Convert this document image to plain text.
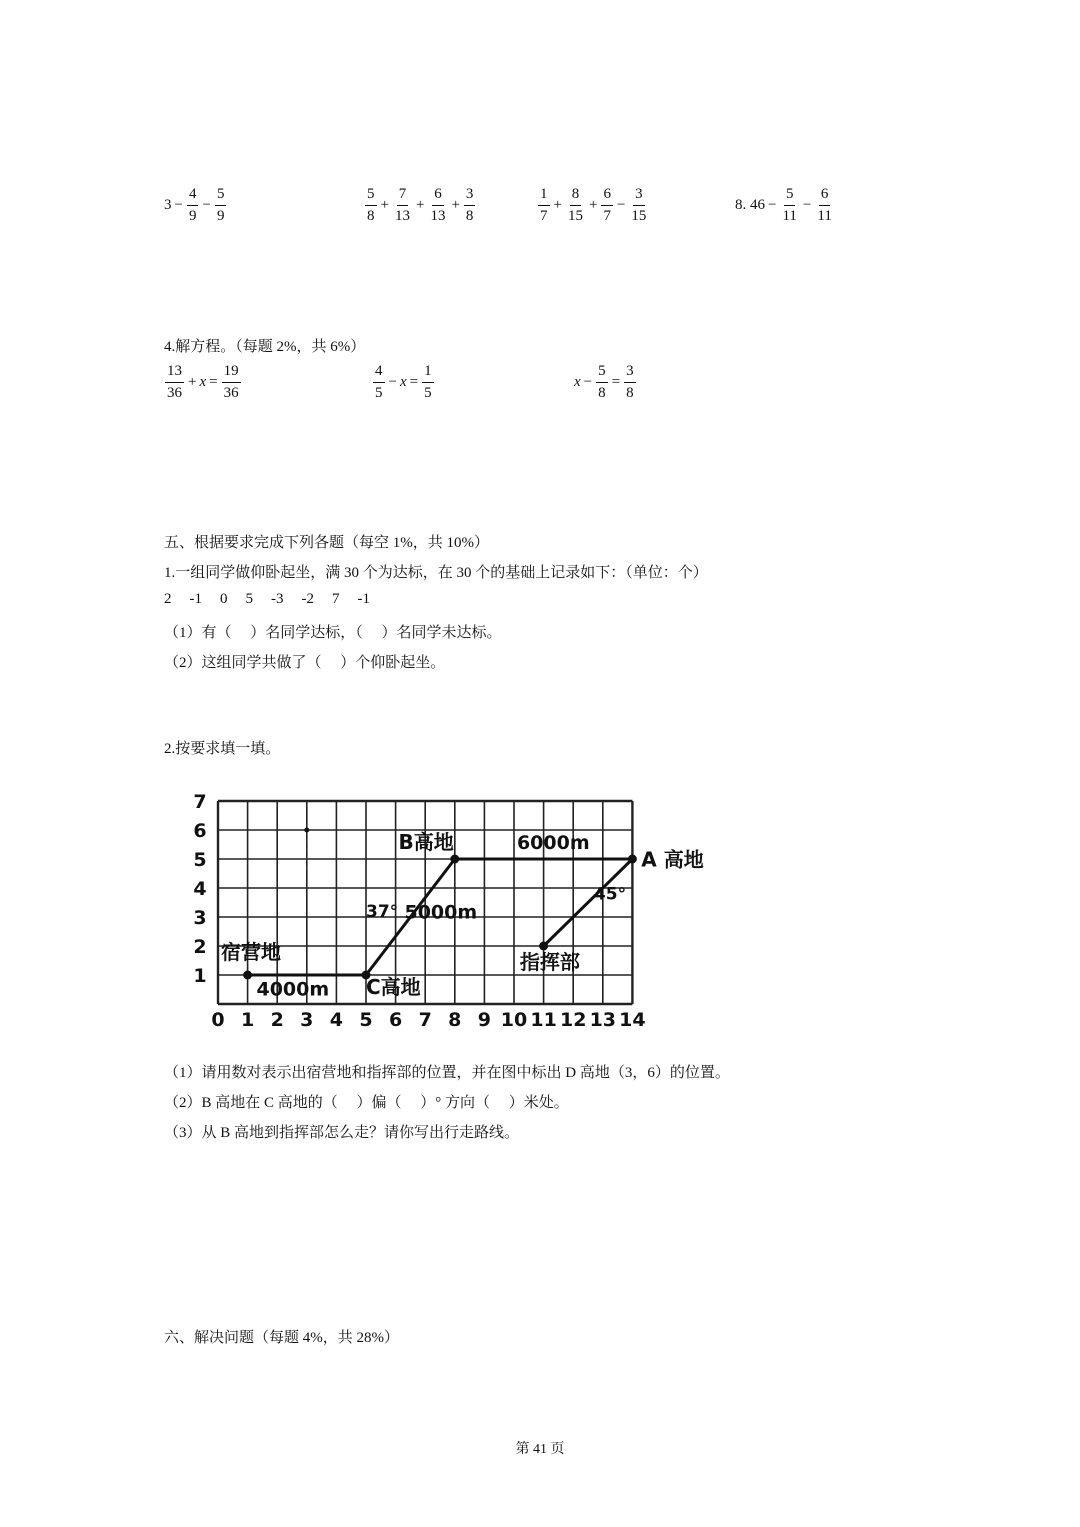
$3 - \frac{4}{9} - \frac{5}{9}$	$\frac{5}{8} + \frac{7}{13} + \frac{6}{13} + \frac{3}{8}$	$\frac{1}{7} + \frac{8}{15} + \frac{6}{7} - \frac{3}{15}$	8. $46 - \frac{5}{11} - \frac{6}{11}$
4.解方程。（每题 2%，共 6%）
$\frac{13}{36} + x = \frac{19}{36}$	$\frac{4}{5} - x = \frac{1}{5}$	$x - \frac{5}{8} = \frac{3}{8}$
五、根据要求完成下列各题（每空 1%，共 10%）
1.一组同学做仰卧起坐，满 30 个为达标，在 30 个的基础上记录如下：（单位：个）
2 -1 0 5 -3 -2 7 -1
（1）有（　 ）名同学达标，（　 ）名同学未达标。
（2）这组同学共做了（　 ）个仰卧起坐。
2.按要求填一填。
0 1 2 3 4 5 6 7 8 9 10 11 12 13 14
1
2
3
4
5
6
7
宿营地
C高地
B高地
A 高地
指挥部
4000m
5000m
37°
6000m
45°
（1）请用数对表示出宿营地和指挥部的位置，并在图中标出 D 高地（3，6）的位置。
（2）B 高地在 C 高地的（　 ）偏（　 ）° 方向（　 ）米处。
（3）从 B 高地到指挥部怎么走？请你写出行走路线。
六、解决问题（每题 4%，共 28%）
第 41 页
